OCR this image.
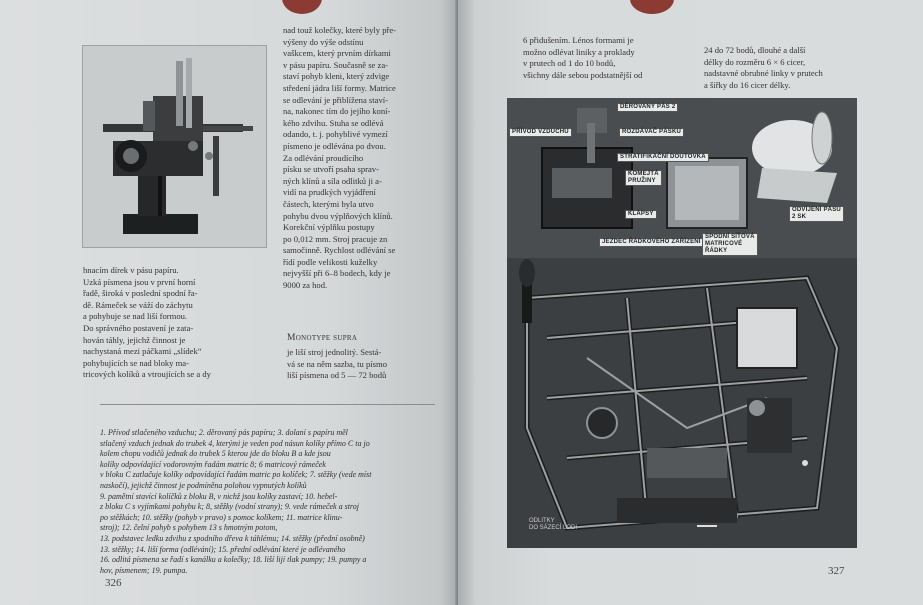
nad touž kolečky, které byly pře-
výšeny do výše odstínu
vaškcem, který prvním dírkami
v pásu papíru. Současně se za-
staví pohyb kleni, který zdvige
středení jádra liší formy. Matrice
se odlevání je přiblížena staví-
na, nakonec tím do jejího koní-
kého zdvihu. Stuha se odlévá
odando, t. j. pohyblivé vymezí
písmeno je odlévána po dvou.
Za odlévání proudícího
písku se utvoří psaha sprav-
ných klínů a síla odlitků ji a-
vidí na prudkých vyjádření
částech, kterými byla utvo
pohybu dvou výplňových klínů.
Korekční výplňku postupy
po 0,012 mm. Stroj pracuje zn
samočinně. Rychlost odlévání se
řídí podle velikosti kuželky
nejvyšší při 6–8 bodech, kdy je
9000 za hod.
hnacím dírek v pásu papíru.
Uzká písmena jsou v první horní
řadě, široká v poslední spodní řa-
dě. Rámeček se váží do záchytu
a pohybuje se nad liší formou.
Do správného postavení je zata-
hován táhly, jejichž činnost je
nachystaná mezi páčkami „slídek“
pohybujících se nad bloky ma-
tricových kolíků a vtroujících se a dy
Monotype supra
je liší stroj jednolitý. Sestá-
vá se na něm sazba, tu písmo
liší písmena od 5 — 72 bodů
1. Přívod stlačeného vzduchu; 2. děrovaný pás papíru; 3. dolaní s papíru měl
stlačený vzduch jednak do trubek 4, kterými je veden pod násun kolíky přímo C ta jo
kolem chopu vodičů jednak do trubek 5 kterou jde do bloku B a kde jsou
kolíky odpovídající vodorovným řadám matric 8; 6 matricový rámeček
v bloku C zatlačuje kolíky odpovídající řadám matric po kolíček; 7. stěžky (vede míst
naskočí), jejichž činnost je podmíněna polohou vypnutých kolíků
9. pamětní stavící kolíčků z bloku B, v nichž jsou kolíky zastaví; 10. hebel-
z bloku C s vyjímkami pohybu k; 8, stěžky (vodní strany); 9. vede rámeček a stroj
po stěžkách; 10. stěžky (pohyb v pravo) s pomoc kolíkem; 11. matrice klinu-
stroj); 12. čelní pohyb s pohybem 13 s hmotným potom,
13. podstavec ledku zdvihu z spodního dřeva k táhlému; 14. stěžky (přední osobně)
13. stěžky; 14. liší forma (odlévání); 15. přední odlévání které je odlévaného
16. odlitá písmena se řadí s kanálku a kolečky; 18. liší lijí tlak pumpy; 19. pumpy a
hov, písmenem; 19. pumpa.
326
6 přidušením. Lénos formami je
možno odlévat liniky a proklady
v prutech od 1 do 10 bodů,
všichny dále sebou podstatnější od
24 do 72 bodů, dlouhé a další
délky do rozměru 6 × 6 cicer,
nadstavné obrubné linky v prutech
a šířky do 16 cicer délky.
327
DĚROVANÝ PÁS 2
PŘÍVOD VZDUCHU	ROZDÁVAČ PÁSKU
STRATIFIKAČNÍ DOUTOVKA
KOMEJTÁ
PRUŽINY
KLÁPSY
JEZDEC ŘÁDKOVÉHO ZAŘÍZENÍ
SPODNÍ SÍŤOVÁ
MATRICOVÉ
ŘÁDKY
ODVÍJENÍ PÁSU
2 SK
ODLITKY
DO SÁZECÍ LODI
